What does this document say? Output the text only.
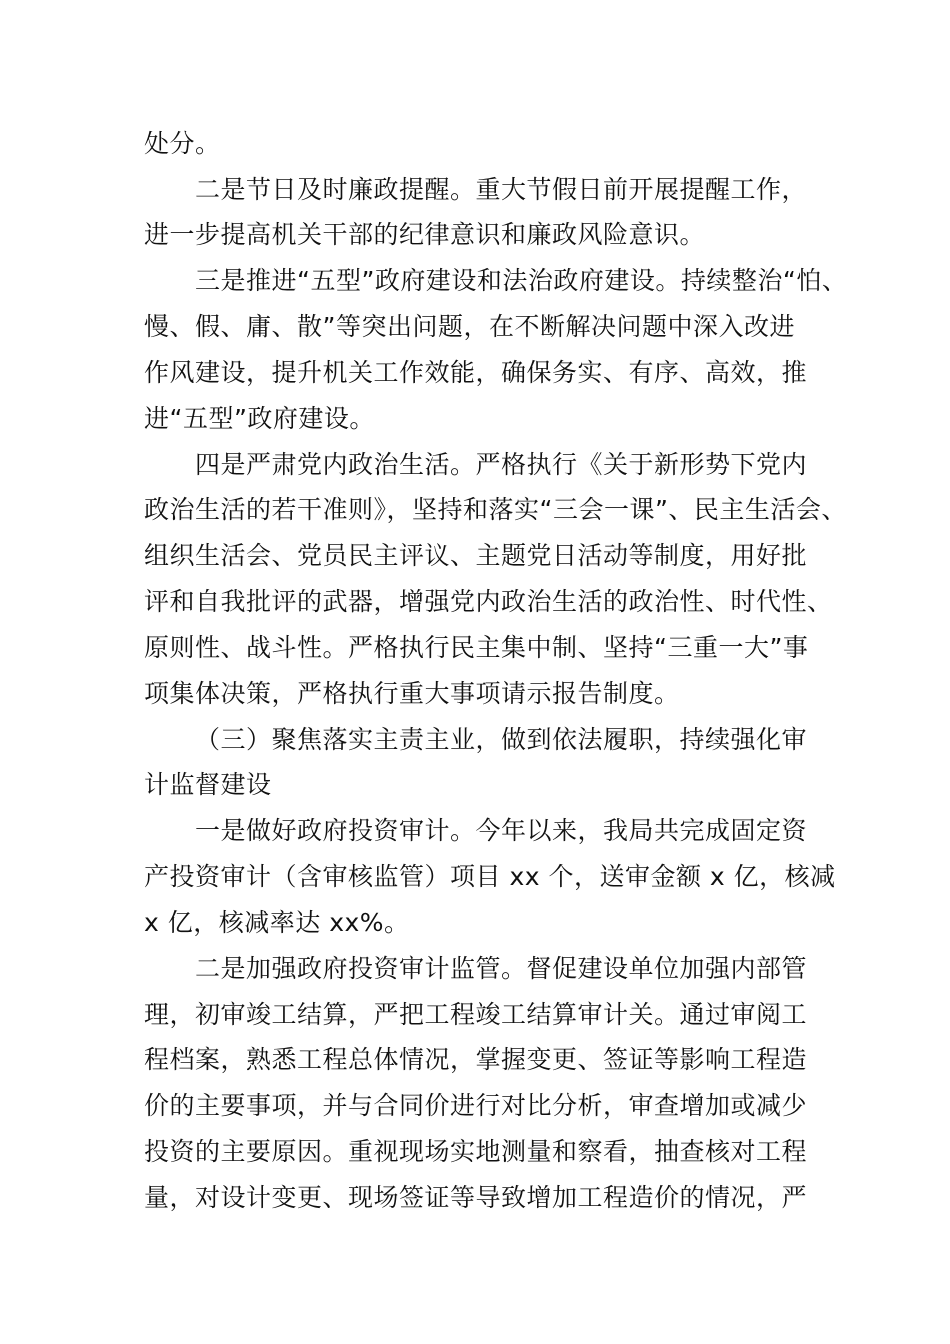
处分。
二是节日及时廉政提醒。重大节假日前开展提醒工作，
进一步提高机关干部的纪律意识和廉政风险意识。
三是推进“五型”政府建设和法治政府建设。持续整治“怕、
慢、假、庸、散”等突出问题，在不断解决问题中深入改进
作风建设，提升机关工作效能，确保务实、有序、高效，推
进“五型”政府建设。
四是严肃党内政治生活。严格执行《关于新形势下党内
政治生活的若干准则》，坚持和落实“三会一课”、民主生活会、
组织生活会、党员民主评议、主题党日活动等制度，用好批
评和自我批评的武器，增强党内政治生活的政治性、时代性、
原则性、战斗性。严格执行民主集中制、坚持“三重一大”事
项集体决策，严格执行重大事项请示报告制度。
（三）聚焦落实主责主业，做到依法履职，持续强化审
计监督建设
一是做好政府投资审计。今年以来，我局共完成固定资
产投资审计（含审核监管）项目 xx 个，送审金额 x 亿，核减
x 亿，核减率达 xx%。
二是加强政府投资审计监管。督促建设单位加强内部管
理，初审竣工结算，严把工程竣工结算审计关。通过审阅工
程档案，熟悉工程总体情况，掌握变更、签证等影响工程造
价的主要事项，并与合同价进行对比分析，审查增加或减少
投资的主要原因。重视现场实地测量和察看，抽查核对工程
量，对设计变更、现场签证等导致增加工程造价的情况，严
